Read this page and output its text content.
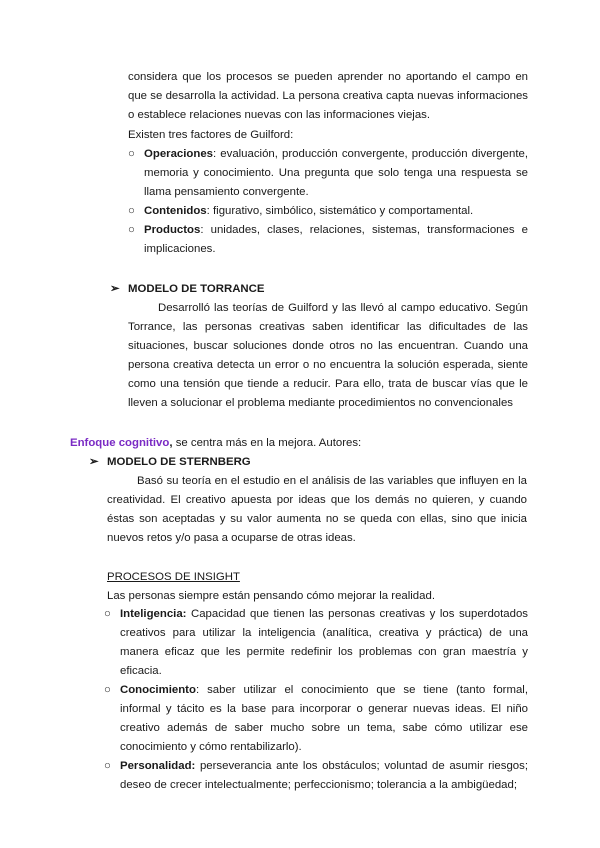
considera que los procesos se pueden aprender no aportando el campo en que se desarrolla la actividad. La persona creativa capta nuevas informaciones o establece relaciones nuevas con las informaciones viejas.
Existen tres factores de Guilford:
○ Operaciones: evaluación, producción convergente, producción divergente, memoria y conocimiento. Una pregunta que solo tenga una respuesta se llama pensamiento convergente.
○ Contenidos: figurativo, simbólico, sistemático y comportamental.
○ Productos: unidades, clases, relaciones, sistemas, transformaciones e implicaciones.
➢ MODELO DE TORRANCE
Desarrolló las teorías de Guilford y las llevó al campo educativo. Según Torrance, las personas creativas saben identificar las dificultades de las situaciones, buscar soluciones donde otros no las encuentran. Cuando una persona creativa detecta un error o no encuentra la solución esperada, siente como una tensión que tiende a reducir. Para ello, trata de buscar vías que le lleven a solucionar el problema mediante procedimientos no convencionales
Enfoque cognitivo, se centra más en la mejora. Autores:
➢ MODELO DE STERNBERG
Basó su teoría en el estudio en el análisis de las variables que influyen en la creatividad. El creativo apuesta por ideas que los demás no quieren, y cuando éstas son aceptadas y su valor aumenta no se queda con ellas, sino que inicia nuevos retos y/o pasa a ocuparse de otras ideas.
PROCESOS DE INSIGHT
Las personas siempre están pensando cómo mejorar la realidad.
○ Inteligencia: Capacidad que tienen las personas creativas y los superdotados creativos para utilizar la inteligencia (analítica, creativa y práctica) de una manera eficaz que les permite redefinir los problemas con gran maestría y eficacia.
○ Conocimiento: saber utilizar el conocimiento que se tiene (tanto formal, informal y tácito es la base para incorporar o generar nuevas ideas. El niño creativo además de saber mucho sobre un tema, sabe cómo utilizar ese conocimiento y cómo rentabilizarlo).
○ Personalidad: perseverancia ante los obstáculos; voluntad de asumir riesgos; deseo de crecer intelectualmente; perfeccionismo; tolerancia a la ambigüedad;
